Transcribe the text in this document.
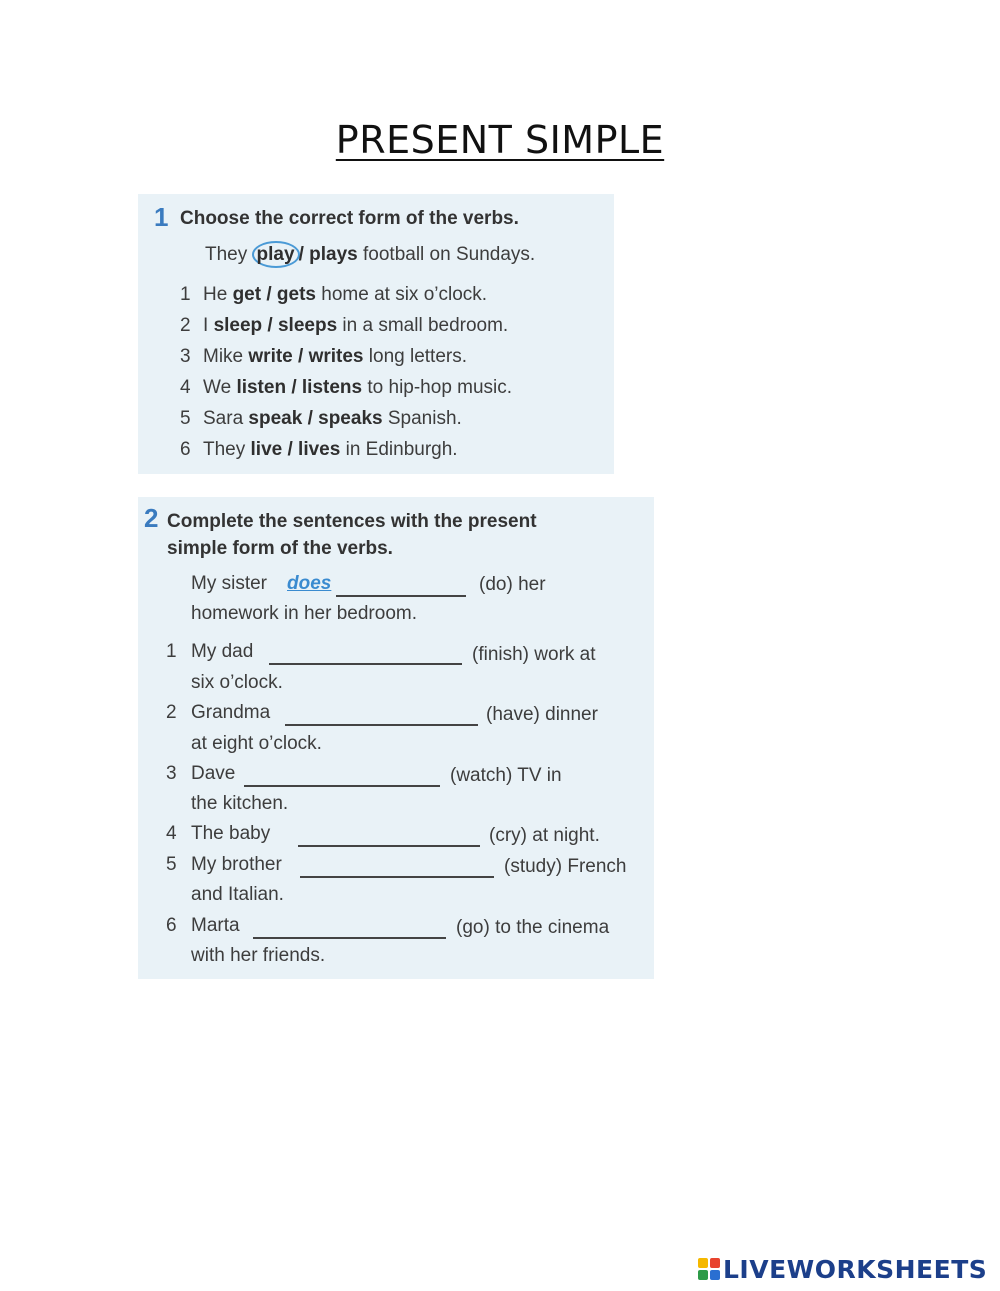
PRESENT SIMPLE
1 Choose the correct form of the verbs.
They play / plays football on Sundays.
1 He get / gets home at six o’clock.
2 I sleep / sleeps in a small bedroom.
3 Mike write / writes long letters.
4 We listen / listens to hip-hop music.
5 Sara speak / speaks Spanish.
6 They live / lives in Edinburgh.
2 Complete the sentences with the present
simple form of the verbs.
My sister does	(do) her
homework in her bedroom.
1 My dad	(finish) work at
six o’clock.
2 Grandma	(have) dinner
at eight o’clock.
3 Dave	(watch) TV in
the kitchen.
4 The baby	(cry) at night.
5 My brother	(study) French
and Italian.
6 Marta	(go) to the cinema
with her friends.
LIVEWORKSHEETS
